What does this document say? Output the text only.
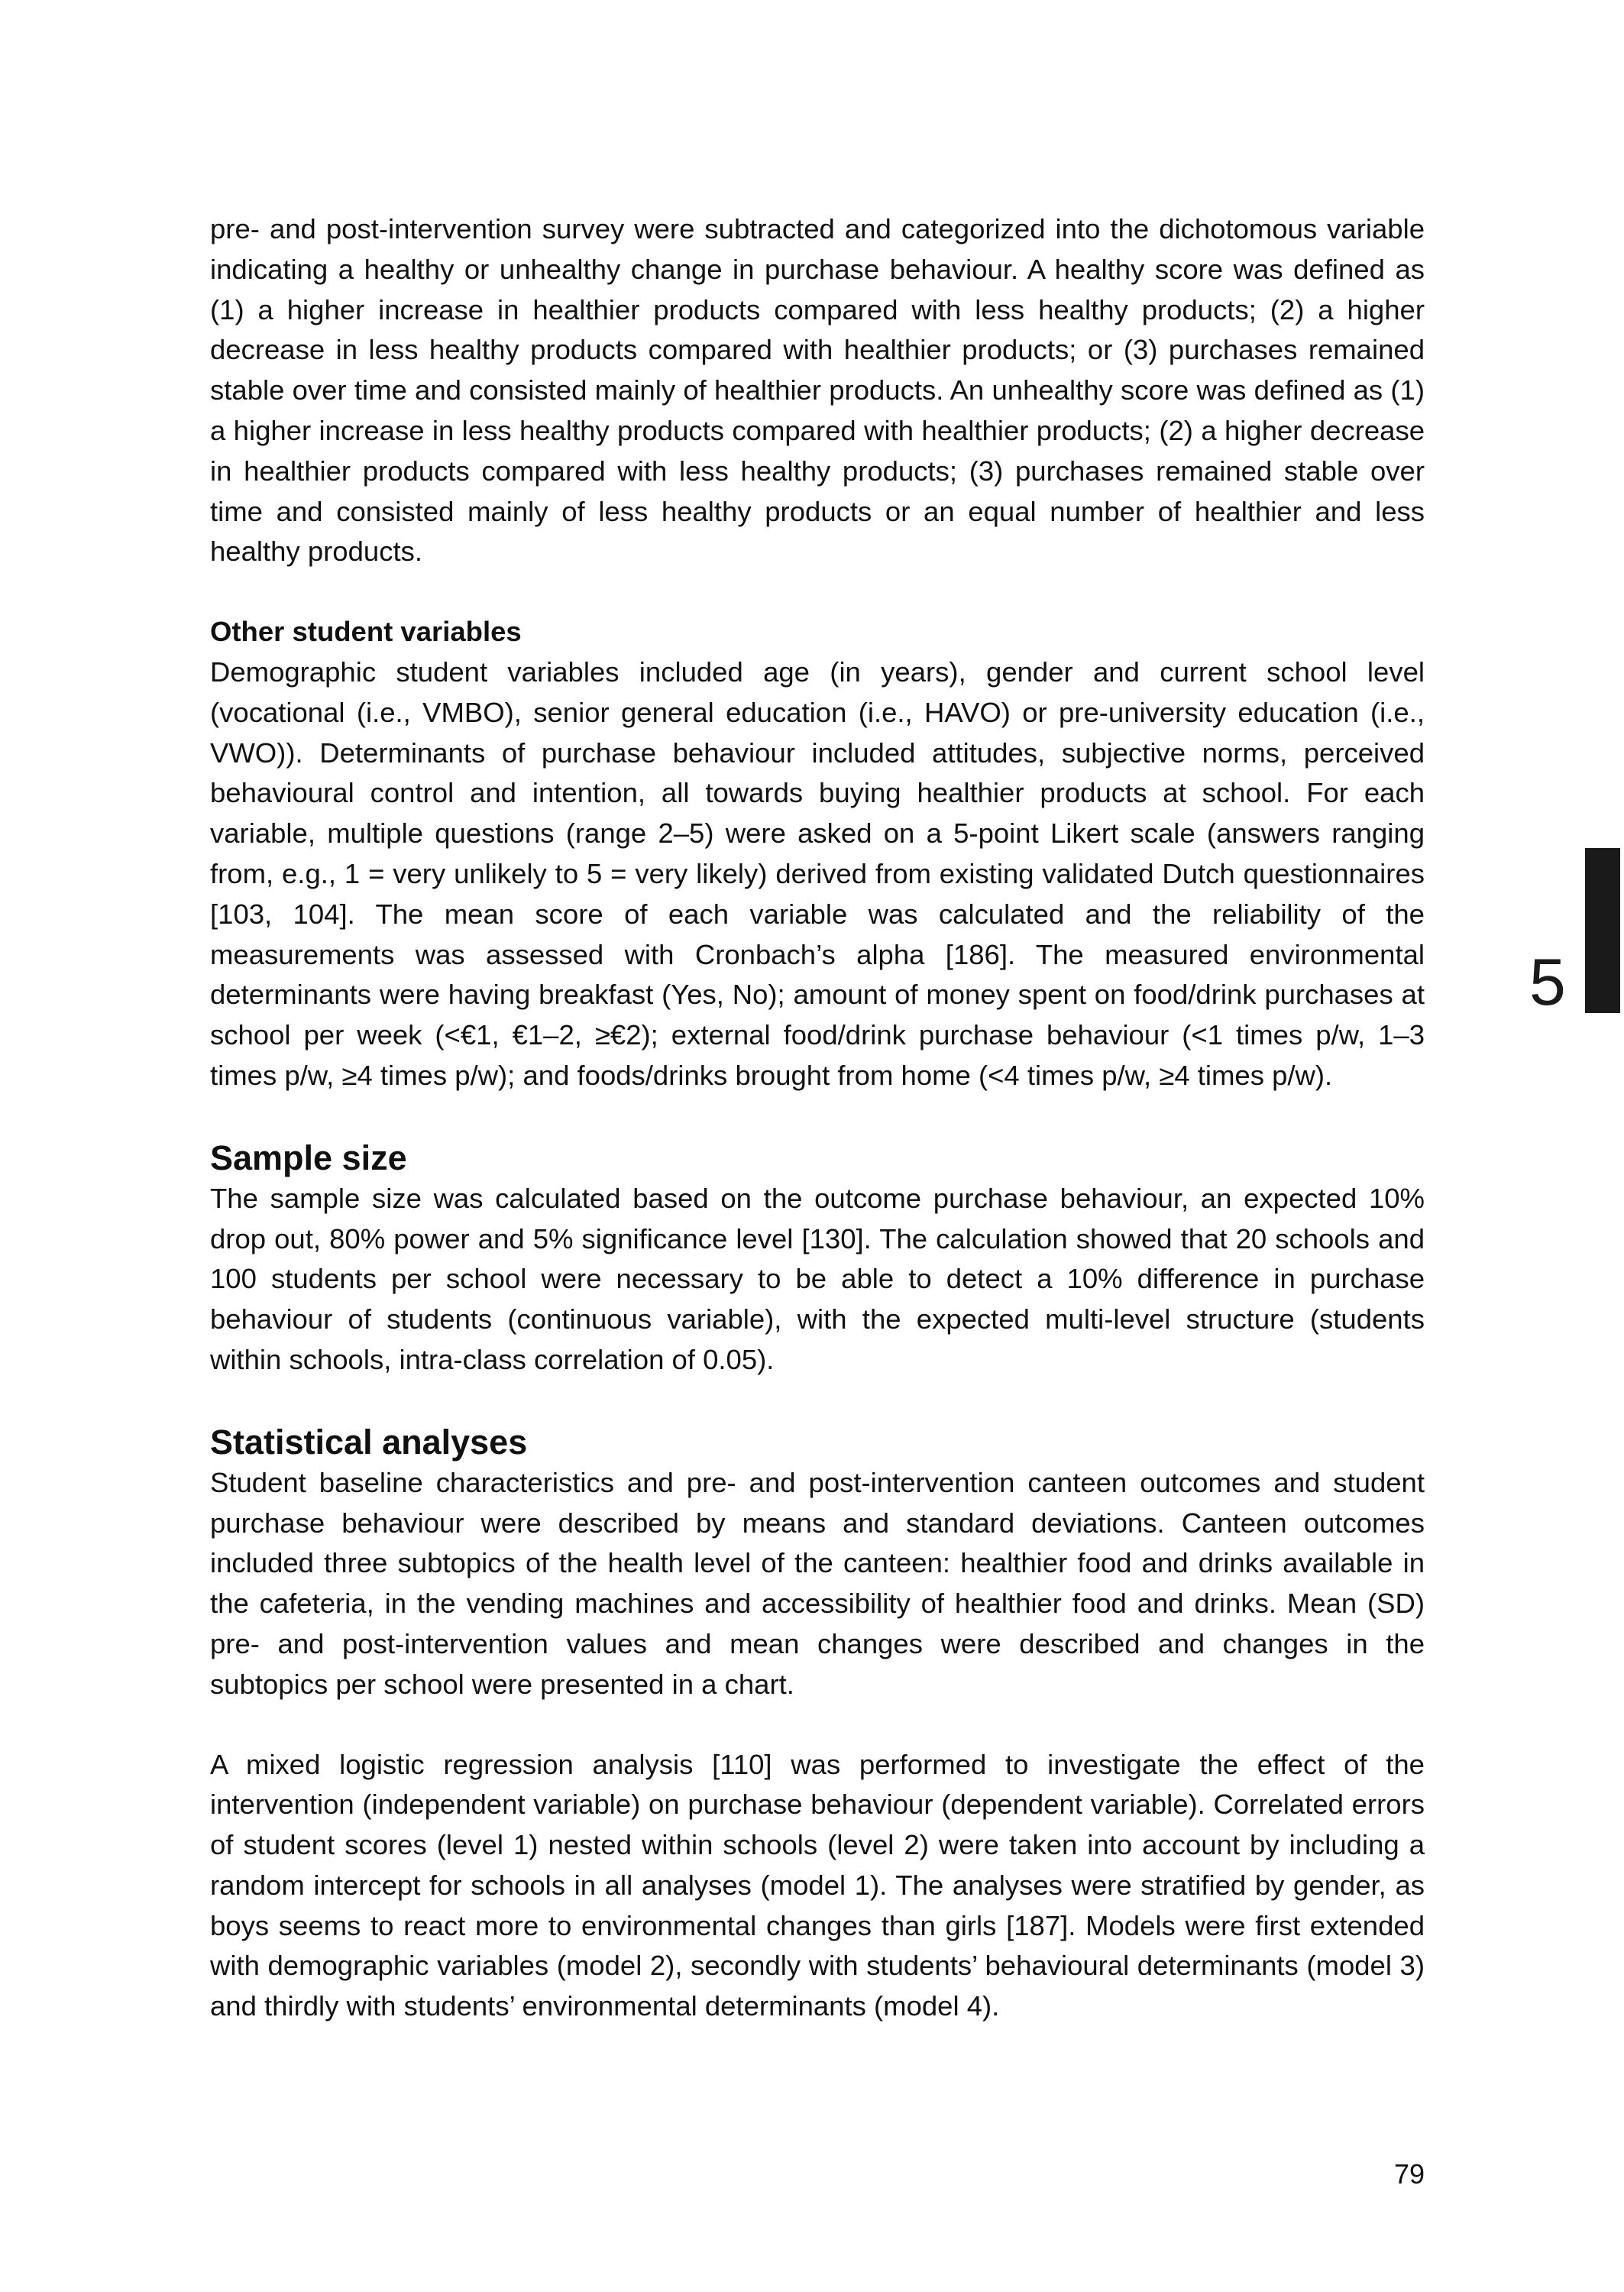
pre- and post-intervention survey were subtracted and categorized into the dichotomous variable indicating a healthy or unhealthy change in purchase behaviour. A healthy score was defined as (1) a higher increase in healthier products compared with less healthy products; (2) a higher decrease in less healthy products compared with healthier products; or (3) purchases remained stable over time and consisted mainly of healthier products. An unhealthy score was defined as (1) a higher increase in less healthy products compared with healthier products; (2) a higher decrease in healthier products compared with less healthy products; (3) purchases remained stable over time and consisted mainly of less healthy products or an equal number of healthier and less healthy products.

Other student variables

Demographic student variables included age (in years), gender and current school level (vocational (i.e., VMBO), senior general education (i.e., HAVO) or pre-university education (i.e., VWO)). Determinants of purchase behaviour included attitudes, subjective norms, perceived behavioural control and intention, all towards buying healthier products at school. For each variable, multiple questions (range 2–5) were asked on a 5-point Likert scale (answers ranging from, e.g., 1 = very unlikely to 5 = very likely) derived from existing validated Dutch questionnaires [103, 104]. The mean score of each variable was calculated and the reliability of the measurements was assessed with Cronbach’s alpha [186]. The measured environmental determinants were having breakfast (Yes, No); amount of money spent on food/drink purchases at school per week (<€1, €1–2, ≥€2); external food/drink purchase behaviour (<1 times p/w, 1–3 times p/w, ≥4 times p/w); and foods/drinks brought from home (<4 times p/w, ≥4 times p/w).

Sample size

The sample size was calculated based on the outcome purchase behaviour, an expected 10% drop out, 80% power and 5% significance level [130]. The calculation showed that 20 schools and 100 students per school were necessary to be able to detect a 10% difference in purchase behaviour of students (continuous variable), with the expected multi-level structure (students within schools, intra-class correlation of 0.05).

Statistical analyses

Student baseline characteristics and pre- and post-intervention canteen outcomes and student purchase behaviour were described by means and standard deviations. Canteen outcomes included three subtopics of the health level of the canteen: healthier food and drinks available in the cafeteria, in the vending machines and accessibility of healthier food and drinks. Mean (SD) pre- and post-intervention values and mean changes were described and changes in the subtopics per school were presented in a chart.

A mixed logistic regression analysis [110] was performed to investigate the effect of the intervention (independent variable) on purchase behaviour (dependent variable). Correlated errors of student scores (level 1) nested within schools (level 2) were taken into account by including a random intercept for schools in all analyses (model 1). The analyses were stratified by gender, as boys seems to react more to environmental changes than girls [187]. Models were first extended with demographic variables (model 2), secondly with students’ behavioural determinants (model 3) and thirdly with students’ environmental determinants (model 4).

5
79
